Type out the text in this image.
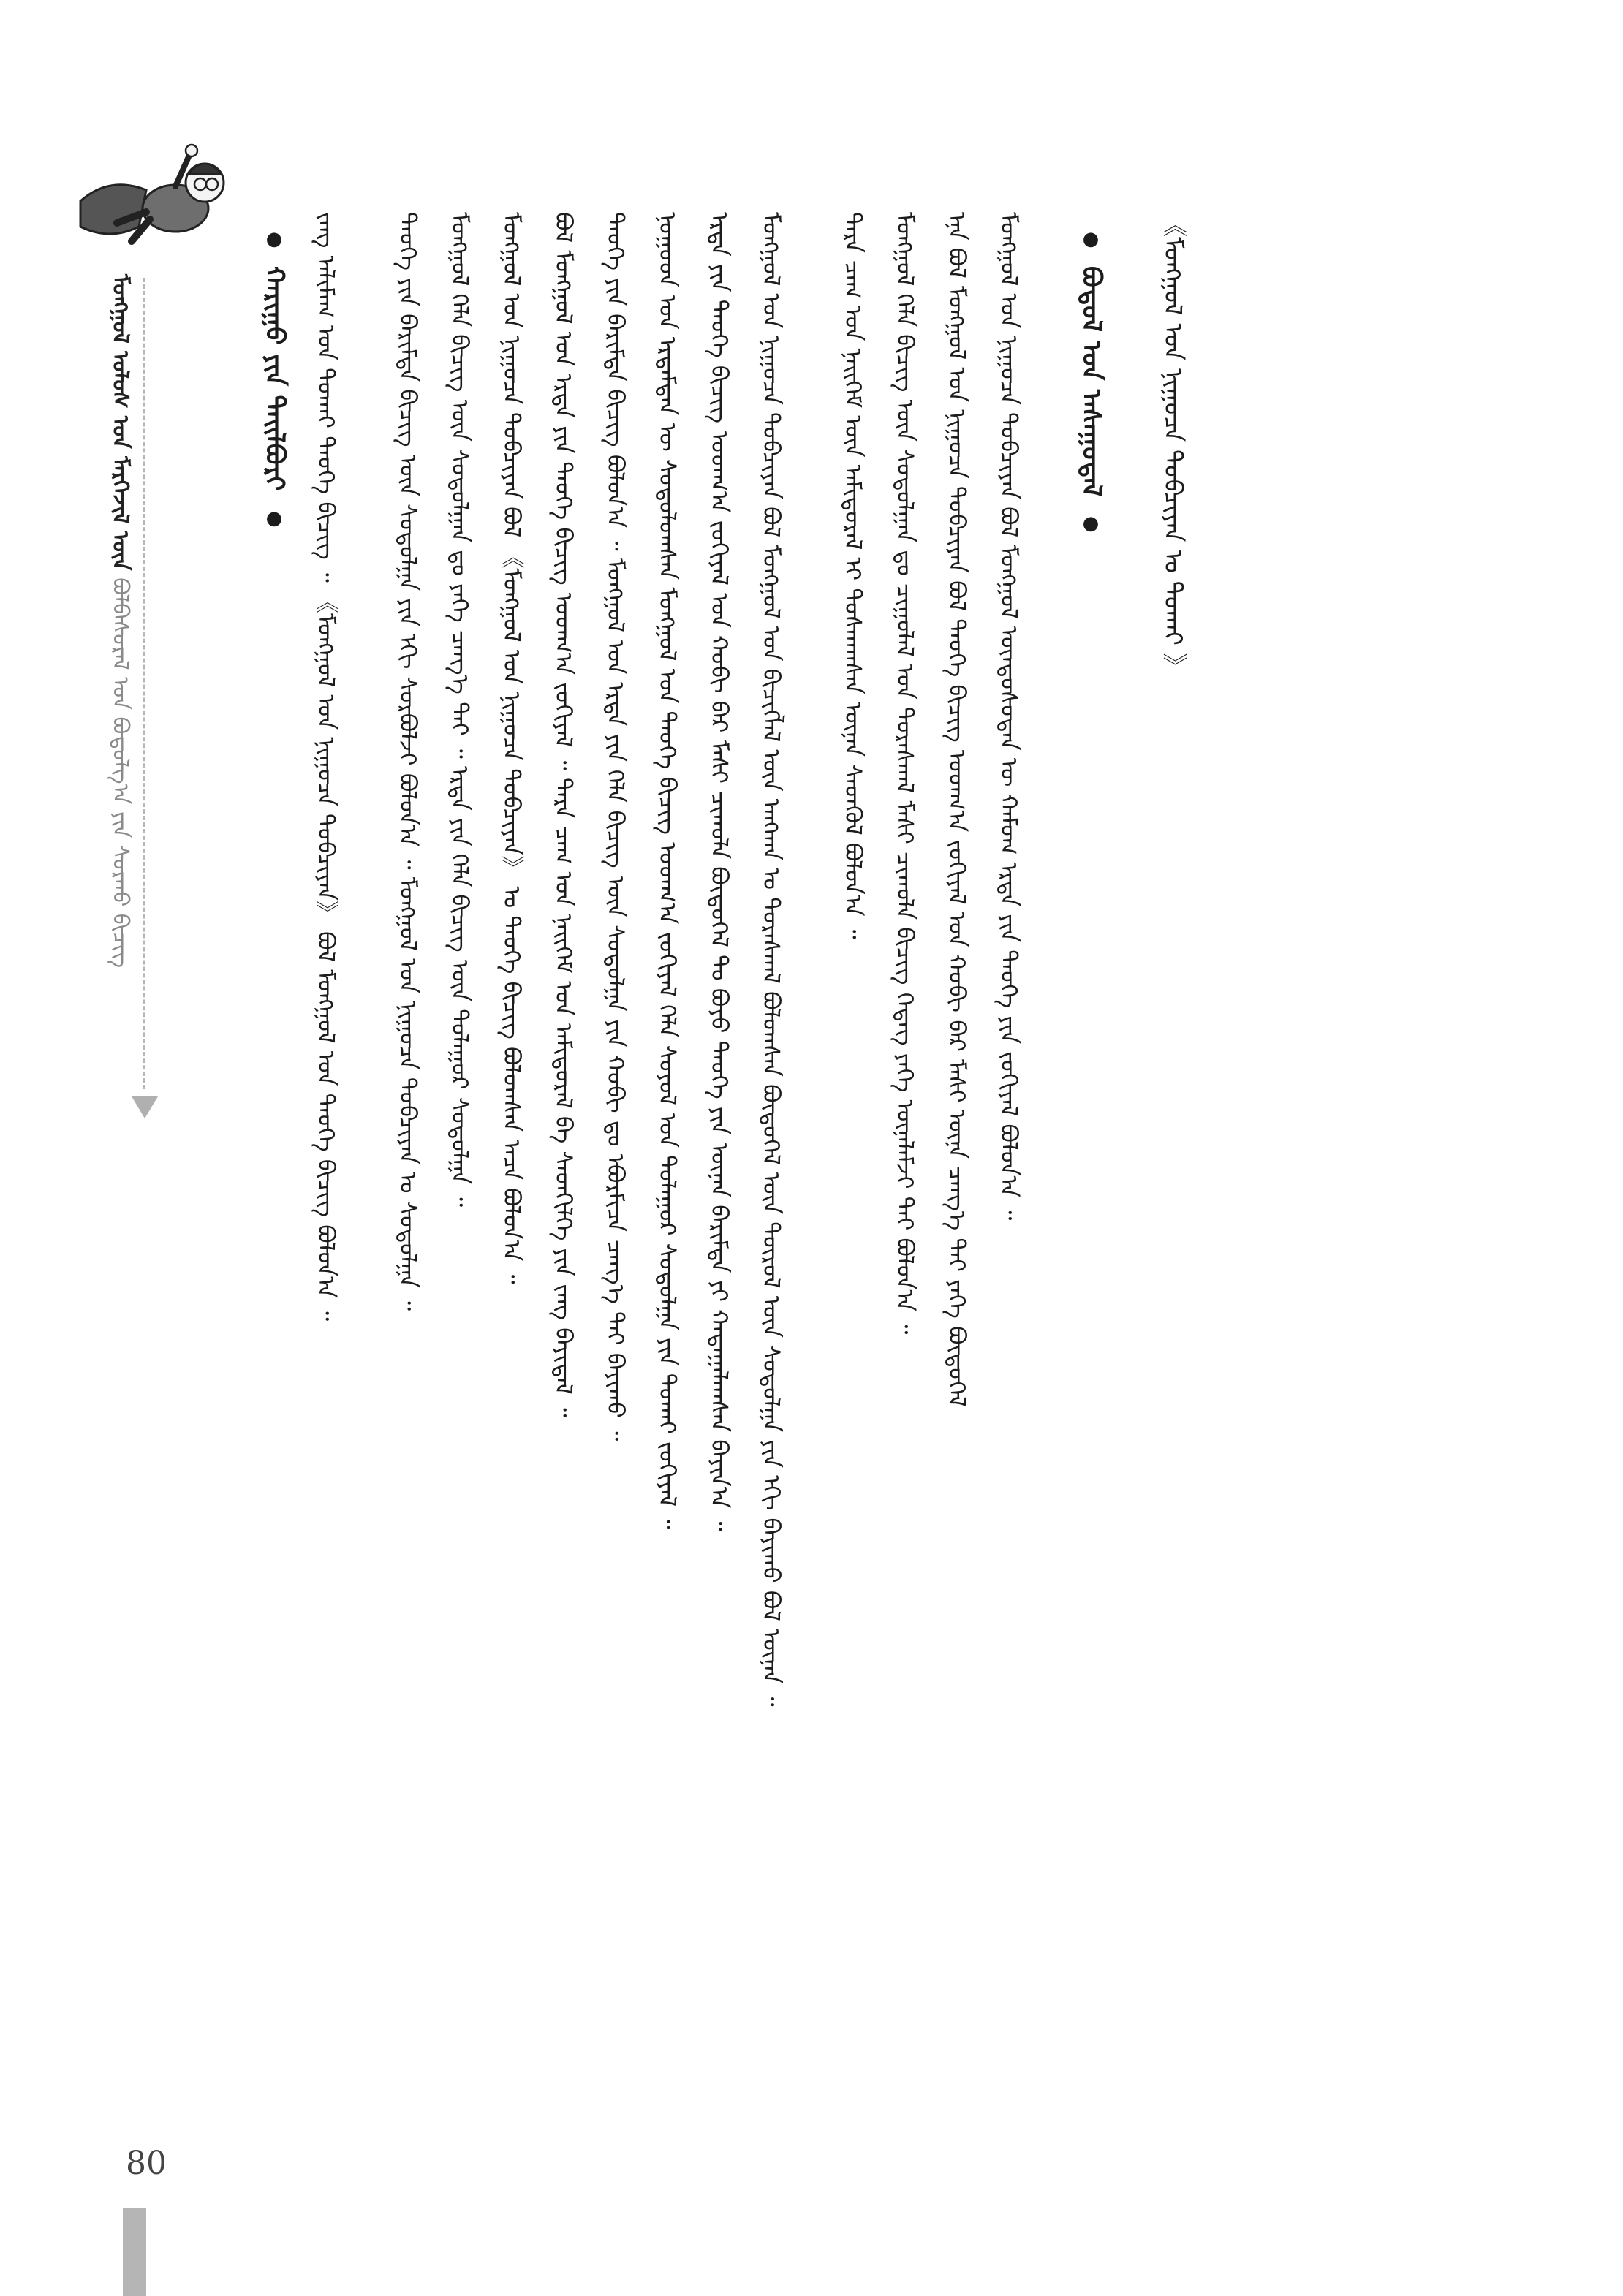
ᠮᠣᠩᠭᠣᠯ ᠤᠯᠤᠰ ᠤᠨ ᠮᠡᠷᠭᠡᠵᠢᠯ ᠦᠨ ᠪᠣᠯᠪᠠᠰᠤᠷᠠᠯ ᠤᠨ ᠪᠣᠳᠤᠯᠭ᠎ᠠ ᠶᠢᠨ ᠰᠤᠷᠬᠤ ᠪᠢᠴᠢᠭ
80
●ᠬᠠᠷᠢᠭᠤ ᠶᠢᠨ ᠲᠠᠢᠯᠪᠤᠷᠢ●	ᠵᠠᠩ ᠠᠯᠢᠮᠠᠭ ᠤᠨ ᠲᠤᠬᠠᠢ ᠲᠡᠦᠬᠡ ᠪᠢᠴᠢᠭ ᠃ 《ᠮᠣᠩᠭᠣᠯ ᠤᠨ ᠨᠢᠭᠤᠴᠠ ᠲᠣᠪᠴᠢᠶᠠᠨ》 ᠪᠣᠯ ᠮᠣᠩᠭᠣᠯ ᠤᠨ ᠲᠡᠦᠬᠡ ᠪᠢᠴᠢᠭ ᠪᠣᠯᠤᠨ᠎ᠠ ᠃ ᠲᠡᠦᠬᠡ ᠶᠢᠨ ᠪᠠᠷᠢᠮᠲᠠ ᠪᠢᠴᠢᠭ ᠦᠨ ᠰᠤᠳᠤᠯᠭᠠ ᠶᠢᠨ ᠡᠬᠢ ᠰᠤᠷᠪᠤᠯᠵᠢ ᠪᠣᠯᠤᠨ᠎ᠠ ᠃ ᠮᠣᠩᠭᠣᠯ ᠤᠨ ᠨᠢᠭᠤᠴᠠ ᠲᠣᠪᠴᠢᠶᠠᠨ ᠤ ᠰᠤᠳᠤᠯᠭᠠ ᠃ ᠮᠣᠩᠭᠣᠯ ᠬᠡᠯᠡ ᠪᠢᠴᠢᠭ ᠦᠨ ᠰᠤᠳᠤᠯᠭᠠᠨ ᠳᠤ ᠶᠡᠬᠡ ᠴᠡᠨᠭ᠎ᠡ ᠲᠠᠢ ᠃ ᠡᠷᠲᠡ ᠶᠢᠨ ᠬᠡᠯᠡ ᠪᠢᠴᠢᠭ ᠦᠨ ᠲᠤᠯᠠᠭᠤᠷ ᠰᠤᠳᠤᠯᠭᠠ ᠃ ᠮᠣᠩᠭᠣᠯ ᠤᠨ ᠨᠢᠭᠤᠴᠠ ᠲᠣᠪᠴᠢᠶᠠᠨ ᠪᠣᠯ 《ᠮᠣᠩᠭᠣᠯ ᠤᠨ ᠨᠢᠭᠤᠴᠠ ᠲᠣᠪᠴᠢᠶᠠᠨ》 ᠤ ᠲᠡᠦᠬᠡ ᠪᠢᠴᠢᠭ ᠪᠣᠯᠤᠭᠰᠠᠨ ᠠᠴᠠ ᠪᠣᠯᠤᠨ᠎ᠠ ᠃ ᠪᠣᠯ ᠮᠣᠩᠭᠣᠯ ᠤᠨ ᠡᠷᠲᠡ ᠶᠢᠨ ᠲᠡᠦᠬᠡ ᠪᠢᠴᠢᠭ ᠤᠳᠬ᠎ᠠ ᠵᠣᠬᠢᠶᠠᠯ ᠃ ᠲᠡᠷᠡ ᠴᠠᠭ ᠤᠨ ᠨᠡᠢᠭᠡᠮ ᠤᠨ ᠠᠮᠢᠳᠤᠷᠠᠯ ᠪᠠ ᠰᠡᠳᠬᠢᠯᠭᠡ ᠶᠢᠨ ᠵᠠᠩ ᠪᠠᠶᠢᠳᠠᠯ ᠃ ᠲᠡᠦᠬᠡ ᠶᠢᠨ ᠪᠠᠷᠢᠮᠲᠠ ᠪᠢᠴᠢᠭ ᠪᠣᠯᠤᠨ᠎ᠠ ᠃ ᠮᠣᠩᠭᠣᠯ ᠤᠨ ᠡᠷᠲᠡ ᠶᠢᠨ ᠬᠡᠯᠡ ᠪᠢᠴᠢᠭ ᠦᠨ ᠰᠤᠳᠤᠯᠭᠠ ᠶᠢᠨ ᠬᠤᠪᠢ ᠳᠤ ᠡᠪᠦᠷᠮᠢᠴᠡ ᠴᠡᠨᠭ᠎ᠡ ᠲᠠᠢ ᠪᠠᠶᠢᠬᠤ ᠃ ᠨᠤᠭᠤᠳ ᠤᠨ ᠡᠷᠳᠡᠮᠲᠡᠨ ᠦ ᠰᠤᠳᠤᠯᠤᠭᠰᠠᠨ ᠮᠣᠩᠭᠣᠯ ᠤᠨ ᠲᠡᠦᠬᠡ ᠪᠢᠴᠢᠭ ᠤᠳᠬ᠎ᠠ ᠵᠣᠬᠢᠶᠠᠯ ᠬᠡᠯᠡ ᠰᠣᠶᠣᠯ ᠤᠨ ᠲᠤᠯᠠᠭᠤᠷ ᠰᠤᠳᠤᠯᠭᠠ ᠶᠢᠨ ᠲᠤᠬᠠᠢ ᠵᠣᠬᠢᠶᠠᠯ ᠃ ᠡᠷᠲᠡ ᠶᠢᠨ ᠲᠡᠦᠬᠡ ᠪᠢᠴᠢᠭ ᠤᠳᠬ᠎ᠠ ᠵᠣᠬᠢᠶᠠᠯ ᠤᠨ ᠬᠤᠪᠢ ᠪᠡᠷ ᠮᠠᠰᠢ ᠴᠢᠬᠤᠯᠠ ᠪᠦᠲᠦᠭᠡᠯ ᠲᠤ ᠪᠤᠶᠤ ᠲᠡᠦᠬᠡ ᠶᠢᠨ ᠦᠨᠡᠨ ᠪᠠᠷᠢᠮᠲᠠ ᠶᠢ ᠬᠠᠳᠠᠭᠠᠯᠠᠭᠰᠠᠨ ᠪᠠᠶᠢᠨ᠎ᠠ ᠃ ᠮᠣᠩᠭᠣᠯ ᠤᠨ ᠨᠢᠭᠤᠴᠠ ᠲᠣᠪᠴᠢᠶᠠᠨ ᠪᠣᠯ ᠮᠣᠩᠭᠣᠯ ᠤᠨ ᠪᠢᠴᠢᠭᠯᠡᠯ ᠦᠨ ᠠᠩᠬᠠᠨ ᠤ ᠳᠤᠷᠠᠰᠬᠠᠯ ᠪᠣᠯᠤᠭᠰᠠᠨ ᠪᠦᠳᠦᠭᠡᠯ ᠦᠨ ᠲᠦᠷᠦᠯ ᠦᠨ ᠰᠤᠳᠤᠯᠭᠠ ᠶᠢᠨ ᠡᠬᠢ ᠪᠠᠶᠢᠬᠤ ᠪᠣᠯ ᠦᠨᠡᠨ ᠃ ᠲᠡᠷᠡ ᠴᠠᠭ ᠤᠨ ᠨᠡᠢᠭᠡᠮ ᠦᠨ ᠠᠮᠢᠳᠤᠷᠠᠯ ᠢ ᠲᠤᠰᠬᠠᠭᠰᠠᠨ ᠦᠨᠡᠨ ᠰᠡᠳᠬᠦᠯ ᠪᠣᠯᠤᠨ᠎ᠠ ᠃ ᠮᠣᠩᠭᠣᠯ ᠬᠡᠯᠡ ᠪᠢᠴᠢᠭ ᠦᠨ ᠰᠤᠳᠤᠯᠭᠠᠨ ᠳᠤ ᠴᠢᠭᠤᠯᠠᠯ ᠤᠨ ᠳᠤᠷᠠᠰᠬᠠᠯ ᠮᠠᠰᠢ ᠴᠢᠬᠤᠯᠠ ᠪᠢᠴᠢᠭ ᠭᠡᠳᠡᠭ ᠶᠡᠬᠡ ᠦᠨᠡᠯᠡᠮᠵᠢ ᠲᠠᠢ ᠪᠣᠯᠤᠨ᠎ᠠ ᠃ ᠡᠨᠡ ᠪᠣᠯ ᠮᠣᠩᠭᠣᠯ ᠤᠨ ᠨᠢᠭᠤᠴᠠ ᠲᠣᠪᠴᠢᠶᠠᠨ ᠪᠣᠯ ᠲᠡᠦᠬᠡ ᠪᠢᠴᠢᠭ ᠤᠳᠬ᠎ᠠ ᠵᠣᠬᠢᠶᠠᠯ ᠤᠨ ᠬᠤᠪᠢ ᠪᠡᠷ ᠮᠠᠰᠢ ᠦᠨᠡ ᠴᠡᠨᠭ᠎ᠡ ᠲᠠᠢ ᠶᠡᠬᠡ ᠪᠦᠲᠦᠭᠡᠯ ᠮᠣᠩᠭᠣᠯ ᠤᠨ ᠨᠢᠭᠤᠴᠠ ᠲᠣᠪᠴᠢᠶᠠᠨ ᠪᠣᠯ ᠮᠣᠩᠭᠣᠯ ᠦᠨᠳᠦᠰᠦᠲᠡᠨ ᠦ ᠬᠠᠮᠤᠭ ᠡᠷᠲᠡ ᠶᠢᠨ ᠲᠡᠦᠬᠡ ᠶᠢᠨ ᠵᠣᠬᠢᠶᠠᠯ ᠪᠣᠯᠤᠨ᠎ᠠ ᠃	●ᠪᠣᠳᠤᠯ ᠤᠨ ᠠᠰᠠᠭᠤᠳᠠᠯ●	《ᠮᠣᠩᠭᠣᠯ ᠤᠨ ᠨᠢᠭᠤᠴᠠ ᠲᠣᠪᠴᠢᠶᠠᠨ ᠤ ᠲᠤᠬᠠᠢ 》
